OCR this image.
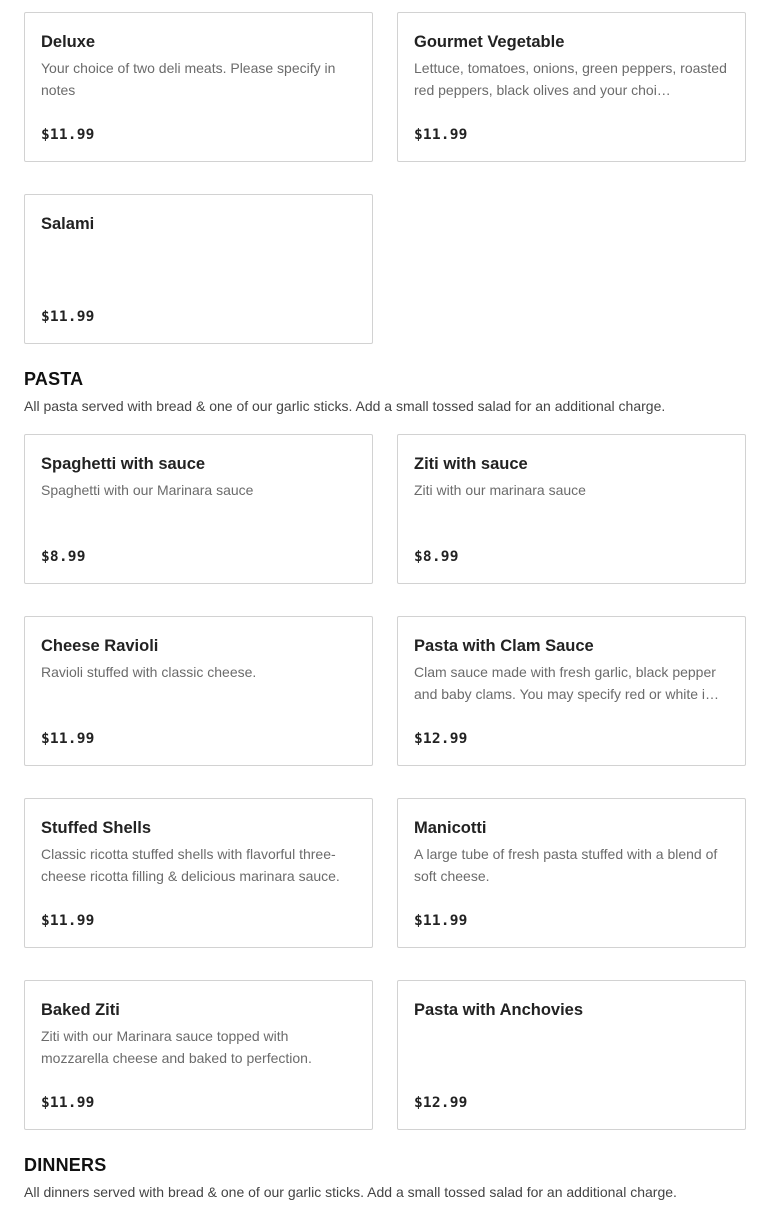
Deluxe
Your choice of two deli meats. Please specify in notes
$11.99
Gourmet Vegetable
Lettuce, tomatoes, onions, green peppers, roasted red peppers, black olives and your choi…
$11.99
Salami
$11.99
PASTA

All pasta served with bread & one of our garlic sticks. Add a small tossed salad for an additional charge.

Spaghetti with sauce
Spaghetti with our Marinara sauce
$8.99
Ziti with sauce
Ziti with our marinara sauce
$8.99
Cheese Ravioli
Ravioli stuffed with classic cheese.
$11.99
Pasta with Clam Sauce
Clam sauce made with fresh garlic, black pepper and baby clams. You may specify red or white i…
$12.99
Stuffed Shells
Classic ricotta stuffed shells with flavorful three-cheese ricotta filling & delicious marinara sauce.
$11.99
Manicotti
A large tube of fresh pasta stuffed with a blend of soft cheese.
$11.99
Baked Ziti
Ziti with our Marinara sauce topped with mozzarella cheese and baked to perfection.
$11.99
Pasta with Anchovies
$12.99
DINNERS

All dinners served with bread & one of our garlic sticks. Add a small tossed salad for an additional charge.
